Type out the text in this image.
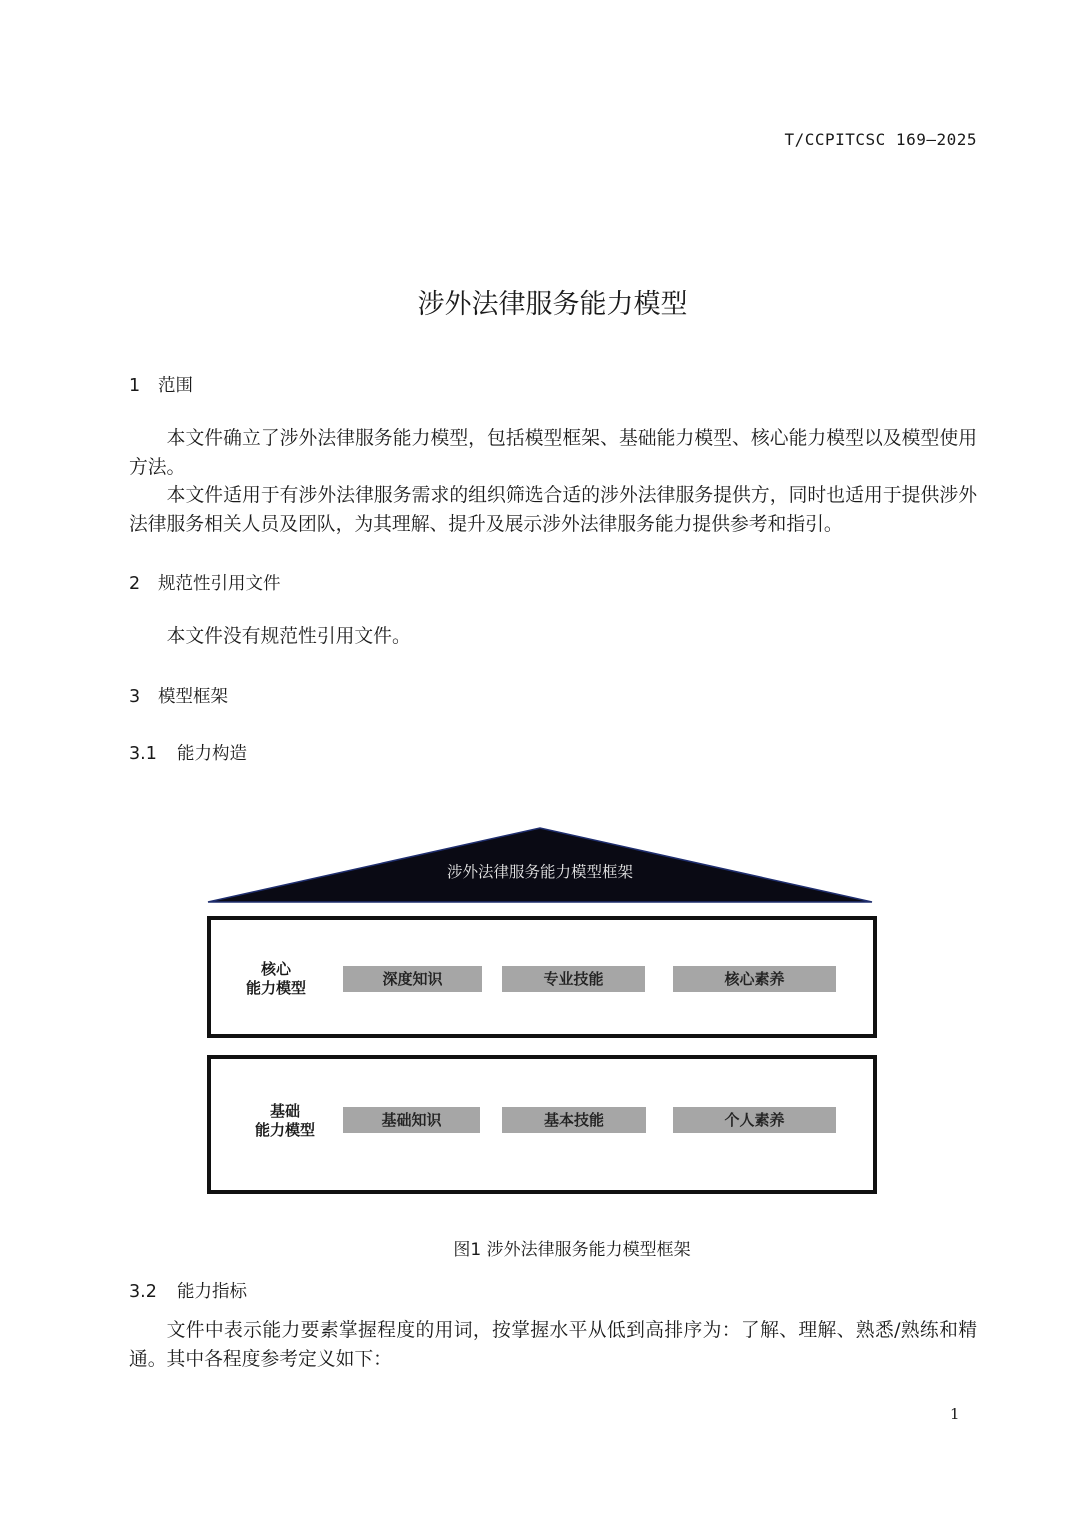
T/CCPITCSC 169—2025
涉外法律服务能力模型
1 范围
本文件确立了涉外法律服务能力模型，包括模型框架、基础能力模型、核心能力模型以及模型使用方法。
本文件适用于有涉外法律服务需求的组织筛选合适的涉外法律服务提供方，同时也适用于提供涉外法律服务相关人员及团队，为其理解、提升及展示涉外法律服务能力提供参考和指引。
2 规范性引用文件
本文件没有规范性引用文件。
3 模型框架
3.1 能力构造
涉外法律服务能力模型框架
核心
能力模型	深度知识	专业技能	核心素养
基础
能力模型
基础知识	基本技能	个人素养
图1 涉外法律服务能力模型框架
3.2 能力指标
文件中表示能力要素掌握程度的用词，按掌握水平从低到高排序为：了解、理解、熟悉/熟练和精通。其中各程度参考定义如下：
1
